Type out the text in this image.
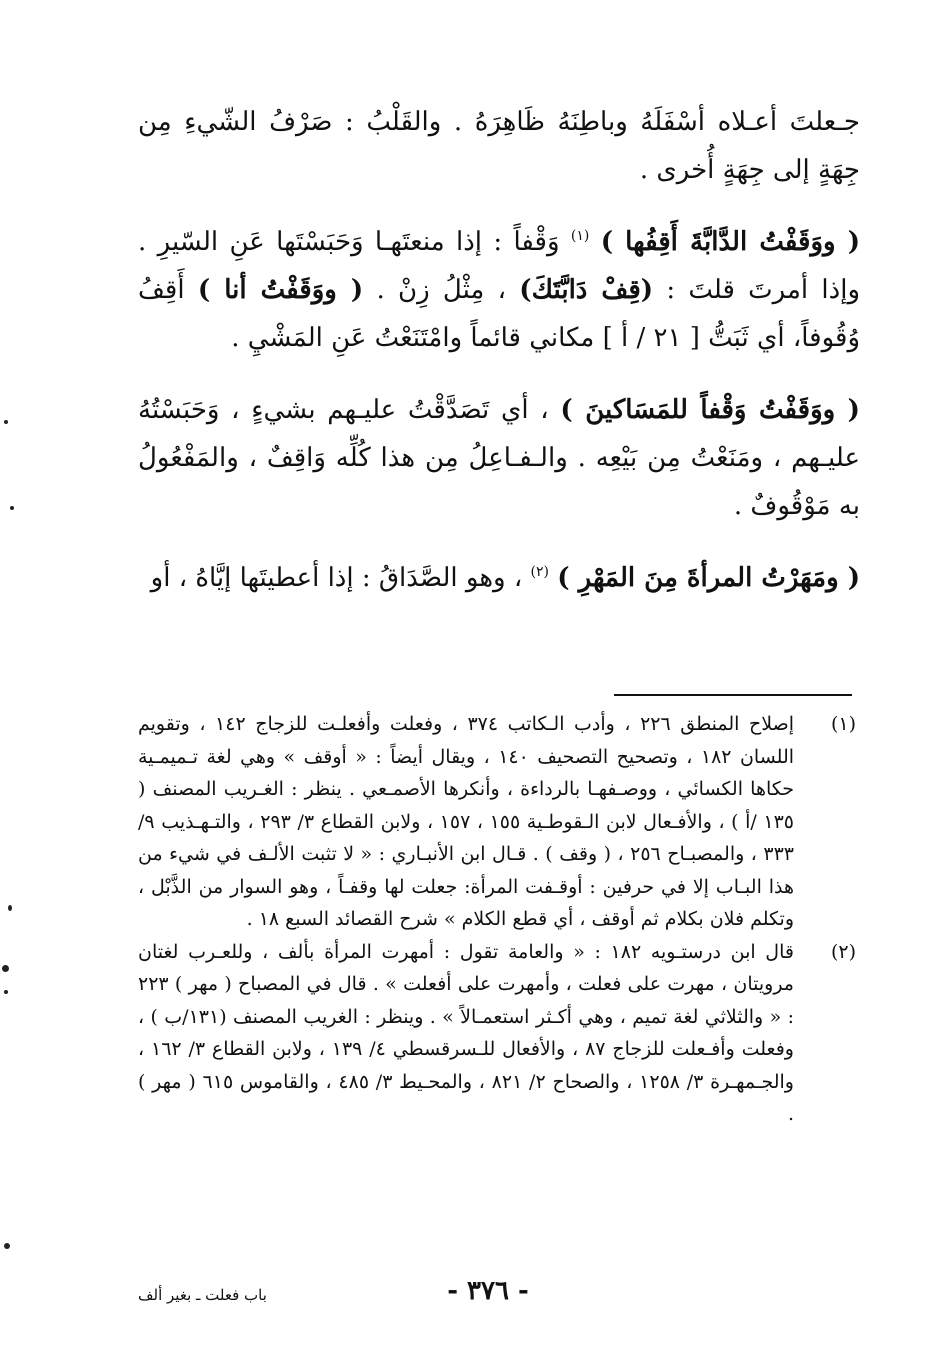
جـعلتَ أعـلاه أسْفَلَهُ وباطِنَهُ ظَاهِرَهُ . والقَلْبُ : صَرْفُ الشّيءِ مِن جِهَةٍ إلى جِهَةٍ أُخرى .

( ووَقَفْتُ الدَّابَّةَ أَقِفُها ) $^{(١)}$ وَقْفاً : إذا منعتَهـا وَحَبَسْتَها عَنِ السّيرِ . وإذا أمرتَ قلتَ : (قِفْ دَابَّتَكَ) ، مِثْلُ زِنْ . ( ووَقَفْتُ أنا ) أَقِفُ وُقُوفاً، أي ثَبَتُّ [ ٢١ / أ ] مكاني قائماً وامْتَنَعْتُ عَنِ المَشْيِ .

( ووَقَفْتُ وَقْفاً للمَسَاكينَ ) ، أي تَصَدَّقْتُ عليـهم بشيءٍ ، وَحَبَسْتُهُ عليـهم ، ومَنَعْتُ مِن بَيْعِه . والـفـاعِلُ مِن هذا كُلِّه وَاقِفٌ ، والمَفْعُولُ به مَوْقُوفٌ .

( ومَهَرْتُ المرأةَ مِنَ المَهْرِ ) $^{(٢)}$ ، وهو الصَّدَاقُ : إذا أعطيتَها إيَّاهُ ، أو

(١)
إصلاح المنطق ٢٢٦ ، وأدب الـكاتب ٣٧٤ ، وفعلت وأفعلـت للزجاج ١٤٢ ، وتقويم اللسان ١٨٢ ، وتصحيح التصحيف ١٤٠ ، ويقال أيضاً : « أوقف » وهي لغة تـميمـية حكاها الكسائي ، ووصـفهـا بالرداءة ، وأنكرها الأصمـعي . ينظر : الغـريب المصنف ( ١٣٥ /أ ) ، والأفـعال لابن الـقوطـية ١٥٥ ، ١٥٧ ، ولابن القطاع ٣/ ٢٩٣ ، والتـهـذيب ٩/ ٣٣٣ ، والمصبـاح ٢٥٦ ، ( وقف ) . قـال ابن الأنبـاري : « لا تثبت الألـف في شيء من هذا البـاب إلا في حرفين : أوقـفت المرأة: جعلت لها وقفـاً ، وهو السوار من الذَّبْل ، وتكلم فلان بكلام ثم أوقف ، أي قطع الكلام » شرح القصائد السبع ١٨ .
(٢)
قال ابن درستـويه ١٨٢ : « والعامة تقول : أمهرت المرأة بألف ، وللعـرب لغتان مرويتان ، مهرت على فعلت ، وأمهرت على أفعلت » . قال في المصباح ( مهر ) ٢٢٣ : « والثلاثي لغة تميم ، وهي أكـثر استعمـالاً » . وينظر : الغريب المصنف (١٣١/ب ) ، وفعلت وأفـعلت للزجاج ٨٧ ، والأفعال للـسرقسطي ٤/ ١٣٩ ، ولابن القطاع ٣/ ١٦٢ ، والجـمهـرة ٣/ ١٢٥٨ ، والصحاح ٢/ ٨٢١ ، والمحـيط ٣/ ٤٨٥ ، والقاموس ٦١٥ ( مهر ) .
- ٣٧٦ -
باب فعلت ـ بغير ألف
